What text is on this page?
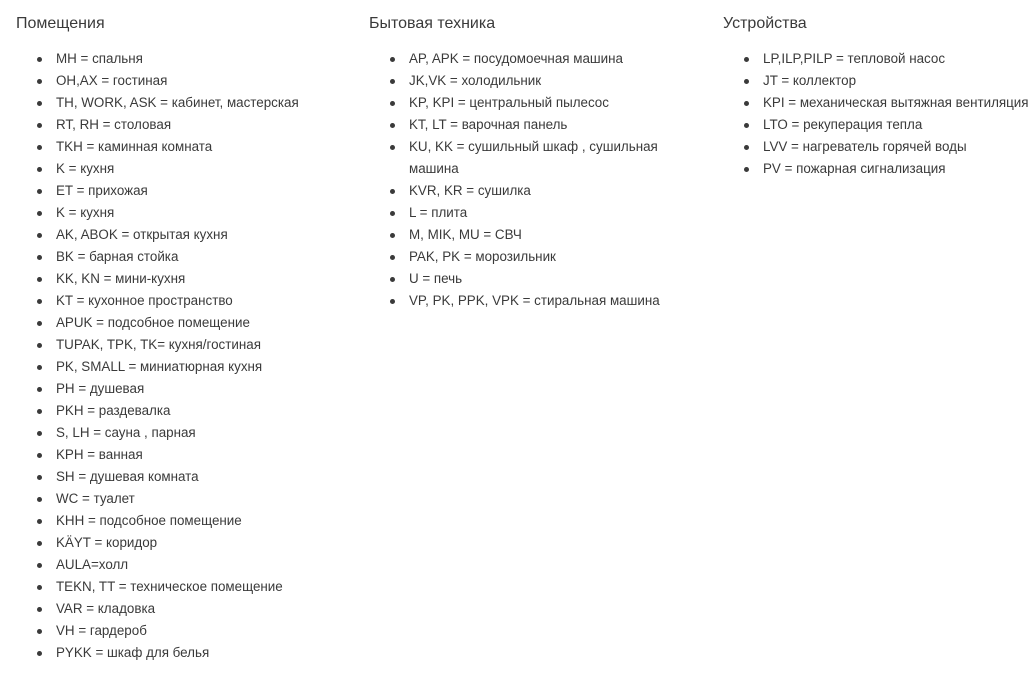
Помещения
MH = спальня
OH,AX = гостиная
TH, WORK, ASK = кабинет, мастерская
RT, RH = столовая
TKH = каминная комната
K = кухня
ET = прихожая
K = кухня
AK, ABOK = открытая кухня
BK = барная стойка
KK, KN = мини-кухня
KT = кухонное пространство
APUK = подсобное помещение
TUPAK, TPK, TK= кухня/гостиная
PK, SMALL = миниатюрная кухня
PH = душевая
PKH = раздевалка
S, LH = сауна , парная
KPH = ванная
SH = душевая комната
WC = туалет
KHH = подсобное помещение
KÄYT = коридор
AULA=холл
TEKN, TT = техническое помещение
VAR = кладовка
VH = гардероб
PYKK = шкаф для белья
Бытовая техника
AP, APK = посудомоечная машина
JK,VK = холодильник
KP, KPI = центральный пылесос
KT, LT = варочная панель
KU, KK = сушильный шкаф , сушильная машина
KVR, KR = сушилка
L = плита
M, MIK, MU = СВЧ
PAK, PK = морозильник
U = печь
VP, PK, PPK, VPK = стиральная машина
Устройства
LP,ILP,PILP = тепловой насос
JT = коллектор
KPI = механическая вытяжная вентиляция
LTO = рекуперация тепла
LVV = нагреватель горячей воды
PV = пожарная сигнализация
